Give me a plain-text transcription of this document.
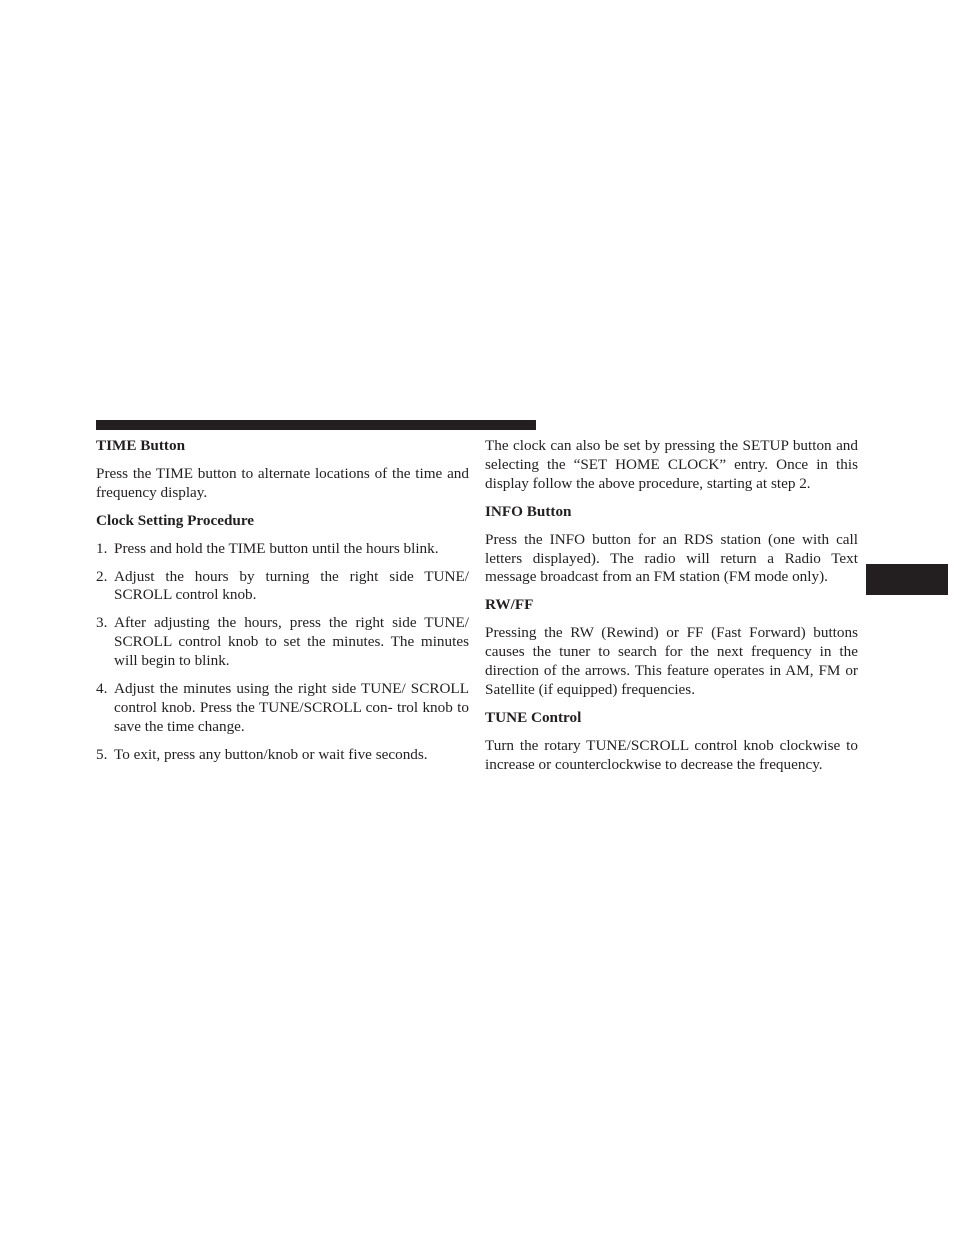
TIME Button
Press the TIME button to alternate locations of the time and frequency display.
Clock Setting Procedure
1. Press and hold the TIME button until the hours blink.
2. Adjust the hours by turning the right side TUNE/ SCROLL control knob.
3. After adjusting the hours, press the right side TUNE/ SCROLL control knob to set the minutes. The minutes will begin to blink.
4. Adjust the minutes using the right side TUNE/ SCROLL control knob. Press the TUNE/SCROLL con- trol knob to save the time change.
5. To exit, press any button/knob or wait five seconds.
The clock can also be set by pressing the SETUP button and selecting the “SET HOME CLOCK” entry. Once in this display follow the above procedure, starting at step 2.
INFO Button
Press the INFO button for an RDS station (one with call letters displayed). The radio will return a Radio Text message broadcast from an FM station (FM mode only).
RW/FF
Pressing the RW (Rewind) or FF (Fast Forward) buttons causes the tuner to search for the next frequency in the direction of the arrows. This feature operates in AM, FM or Satellite (if equipped) frequencies.
TUNE Control
Turn the rotary TUNE/SCROLL control knob clockwise to increase or counterclockwise to decrease the frequency.
